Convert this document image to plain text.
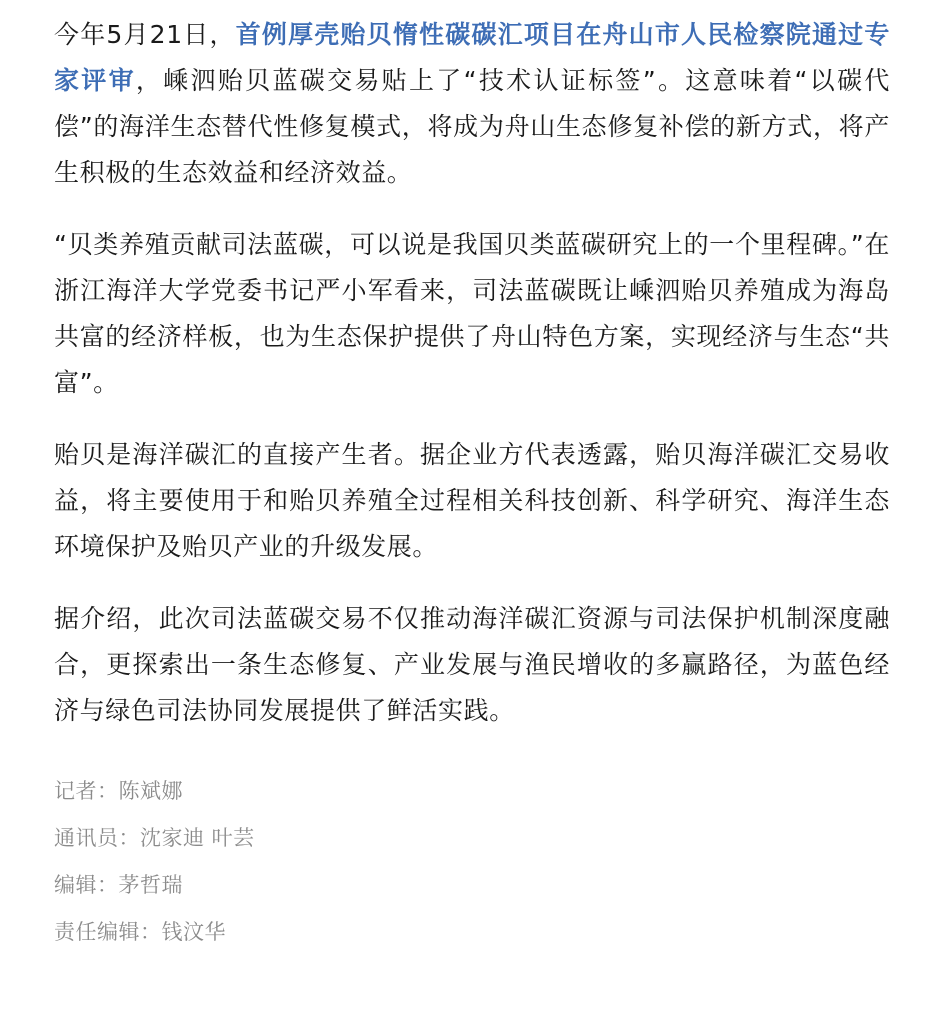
今年5月21日，首例厚壳贻贝惰性碳碳汇项目在舟山市人民检察院通过专家评审，嵊泗贻贝蓝碳交易贴上了“技术认证标签”。这意味着“以碳代偿”的海洋生态替代性修复模式，将成为舟山生态修复补偿的新方式，将产生积极的生态效益和经济效益。

“贝类养殖贡献司法蓝碳，可以说是我国贝类蓝碳研究上的一个里程碑。”在浙江海洋大学党委书记严小军看来，司法蓝碳既让嵊泗贻贝养殖成为海岛共富的经济样板，也为生态保护提供了舟山特色方案，实现经济与生态“共富”。

贻贝是海洋碳汇的直接产生者。据企业方代表透露，贻贝海洋碳汇交易收益，将主要使用于和贻贝养殖全过程相关科技创新、科学研究、海洋生态环境保护及贻贝产业的升级发展。

据介绍，此次司法蓝碳交易不仅推动海洋碳汇资源与司法保护机制深度融合，更探索出一条生态修复、产业发展与渔民增收的多赢路径，为蓝色经济与绿色司法协同发展提供了鲜活实践。

记者：陈斌娜
通讯员：沈家迪 叶芸
编辑：茅哲瑞
责任编辑：钱汶华
